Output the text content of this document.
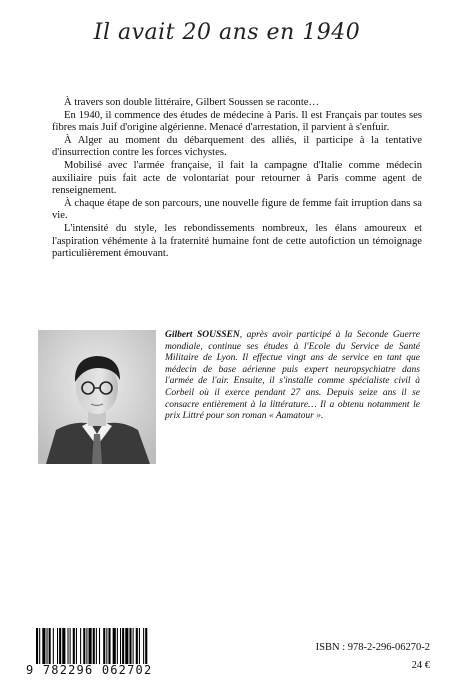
Il avait 20 ans en 1940

À travers son double littéraire, Gilbert Soussen se raconte…

En 1940, il commence des études de médecine à Paris. Il est Français par toutes ses fibres mais Juif d'origine algérienne. Menacé d'arrestation, il parvient à s'enfuir.

À Alger au moment du débarquement des alliés, il participe à la tentative d'insurrection contre les forces vichystes.

Mobilisé avec l'armée française, il fait la campagne d'Italie comme médecin auxiliaire puis fait acte de volontariat pour retourner à Paris comme agent de renseignement.

À chaque étape de son parcours, une nouvelle figure de femme fait irruption dans sa vie.

L'intensité du style, les rebondissements nombreux, les élans amoureux et l'aspiration véhémente à la fraternité humaine font de cette autofiction un témoignage particulièrement émouvant.

Gilbert SOUSSEN, après avoir participé à la Seconde Guerre mondiale, continue ses études à l'Ecole du Service de Santé Militaire de Lyon. Il effectue vingt ans de service en tant que médecin de base aérienne puis expert neuropsychiatre dans l'armée de l'air. Ensuite, il s'installe comme spécialiste civil à Corbeil où il exerce pendant 27 ans. Depuis seize ans il se consacre entièrement à la littérature… Il a obtenu notamment le prix Littré pour son roman « Aamatour ».
9 782296 062702
ISBN : 978-2-296-06270-2
24 €
